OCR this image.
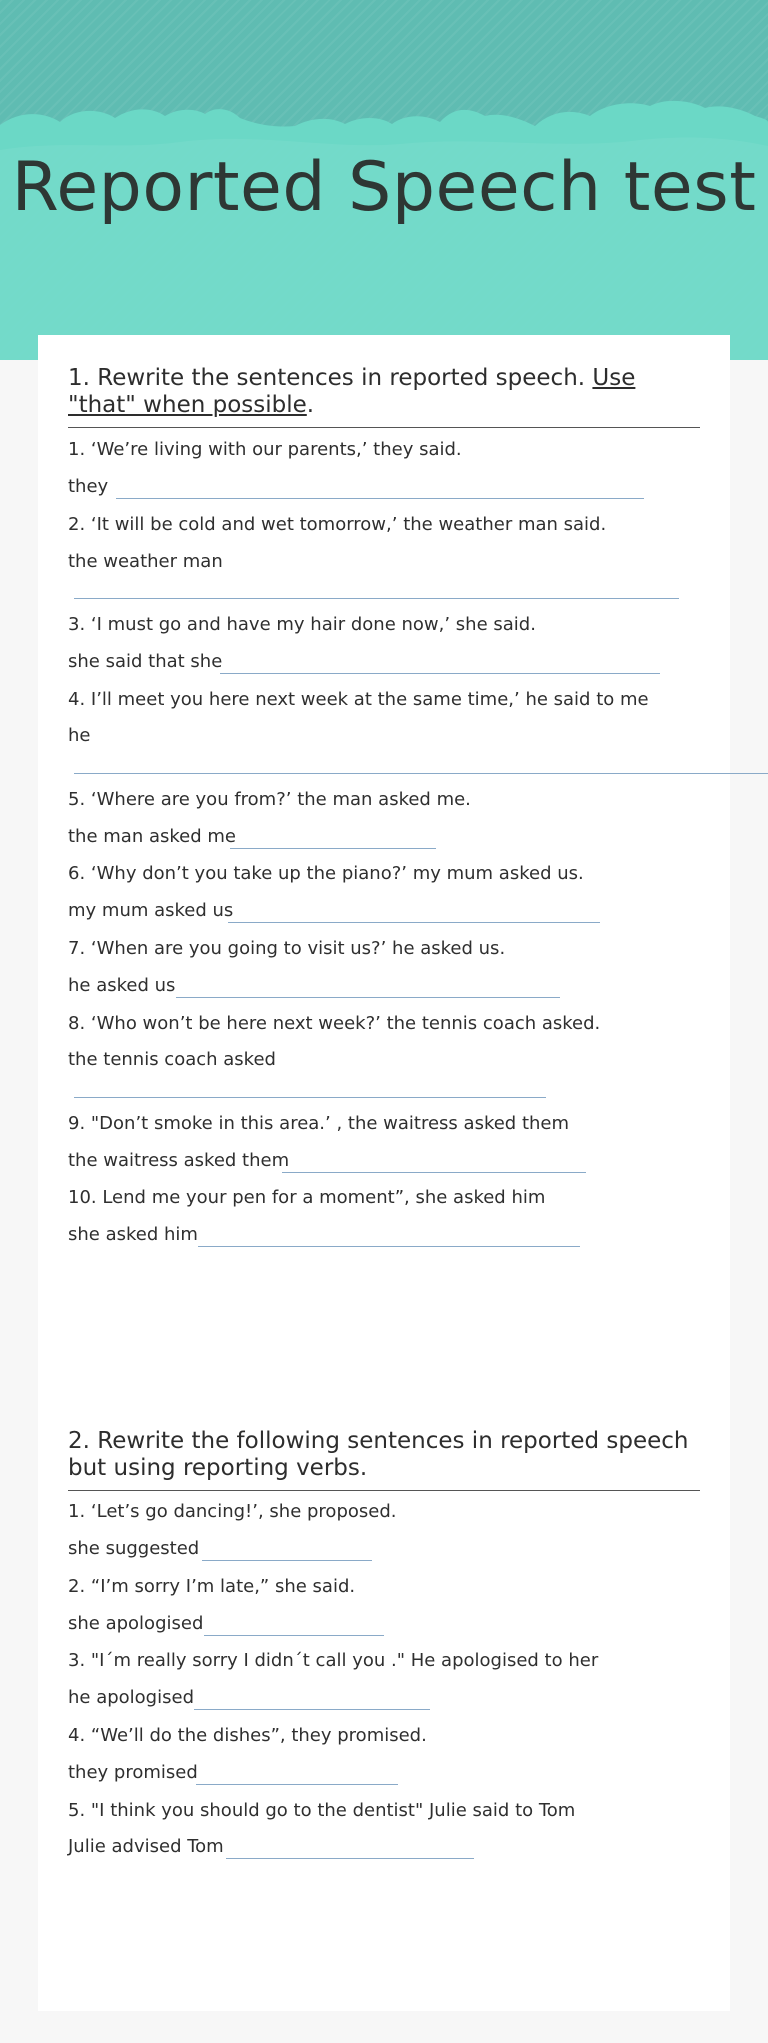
Reported Speech test
1. Rewrite the sentences in reported speech. Use "that" when possible.
1. ‘We’re living with our parents,’ they said.
they
2. ‘It will be cold and wet tomorrow,’ the weather man said.
the weather man
3. ‘I must go and have my hair done now,’ she said.
she said that she
4. I’ll meet you here next week at the same time,’ he said to me
he
5. ‘Where are you from?’ the man asked me.
the man asked me
6. ‘Why don’t you take up the piano?’ my mum asked us.
my mum asked us
7. ‘When are you going to visit us?’ he asked us.
he asked us
8. ‘Who won’t be here next week?’ the tennis coach asked.
the tennis coach asked
9. "Don’t smoke in this area.’ , the waitress asked them
the waitress asked them
10. Lend me your pen for a moment”, she asked him
she asked him
2. Rewrite the following sentences in reported speech but using reporting verbs.
1. ‘Let’s go dancing!’, she proposed.
she suggested
2. “I’m sorry I’m late,” she said.
she apologised
3. "I´m really sorry I didn´t call you ." He apologised to her
he apologised
4. “We’ll do the dishes”, they promised.
they promised
5. "I think you should go to the dentist" Julie said to Tom
Julie advised Tom
